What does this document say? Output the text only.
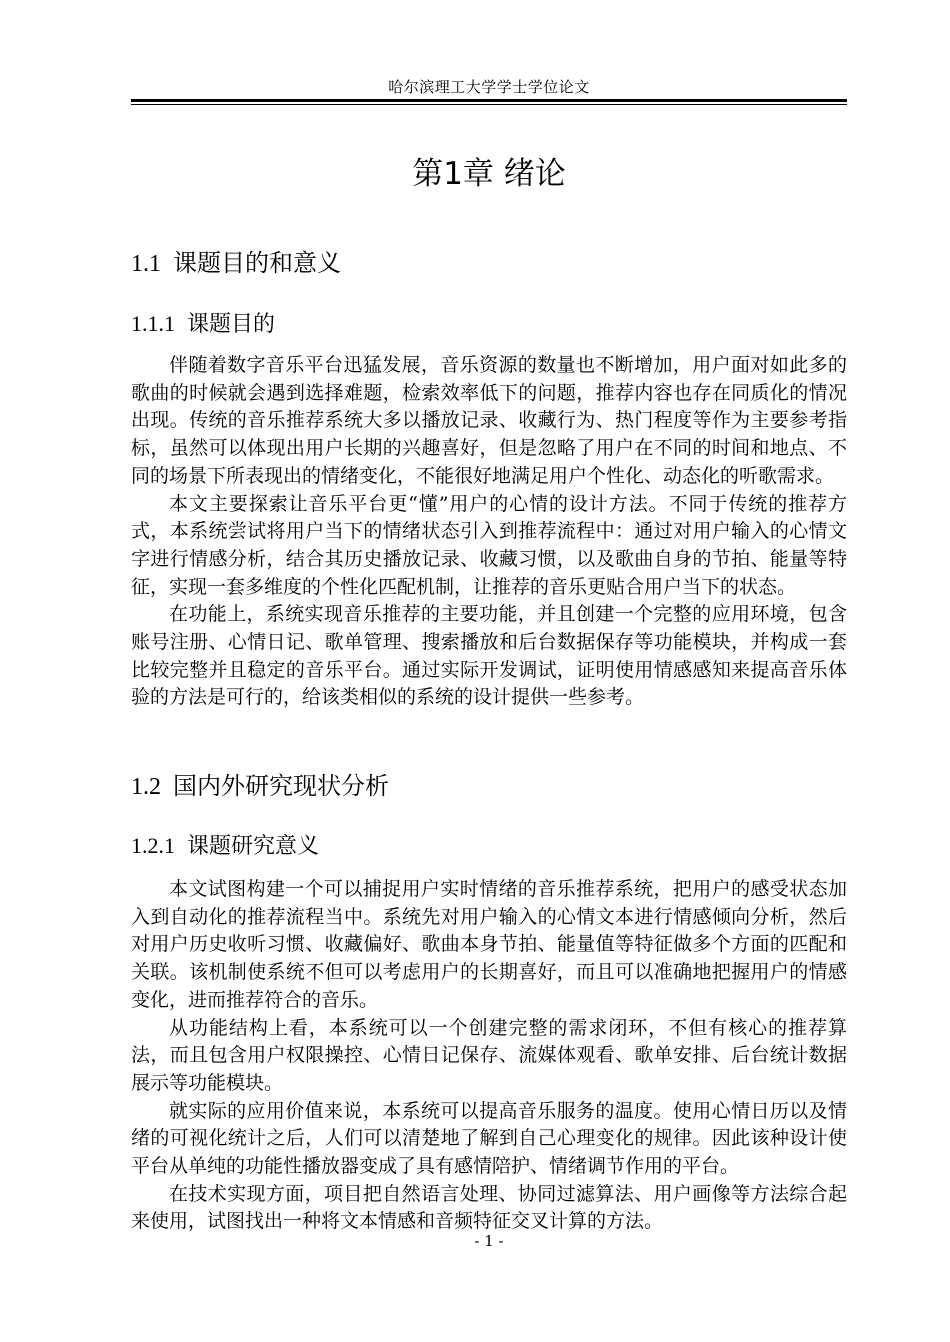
哈尔滨理工大学学士学位论文
第1章 绪论
1.1 课题目的和意义
1.1.1 课题目的

伴随着数字音乐平台迅猛发展，音乐资源的数量也不断增加，用户面对如此多的歌曲的时候就会遇到选择难题，检索效率低下的问题，推荐内容也存在同质化的情况出现。传统的音乐推荐系统大多以播放记录、收藏行为、热门程度等作为主要参考指标，虽然可以体现出用户长期的兴趣喜好，但是忽略了用户在不同的时间和地点、不同的场景下所表现出的情绪变化，不能很好地满足用户个性化、动态化的听歌需求。

本文主要探索让音乐平台更“懂”用户的心情的设计方法。不同于传统的推荐方式，本系统尝试将用户当下的情绪状态引入到推荐流程中：通过对用户输入的心情文字进行情感分析，结合其历史播放记录、收藏习惯，以及歌曲自身的节拍、能量等特征，实现一套多维度的个性化匹配机制，让推荐的音乐更贴合用户当下的状态。

在功能上，系统实现音乐推荐的主要功能，并且创建一个完整的应用环境，包含账号注册、心情日记、歌单管理、搜索播放和后台数据保存等功能模块，并构成一套比较完整并且稳定的音乐平台。通过实际开发调试，证明使用情感感知来提高音乐体验的方法是可行的，给该类相似的系统的设计提供一些参考。

1.2 国内外研究现状分析
1.2.1 课题研究意义

本文试图构建一个可以捕捉用户实时情绪的音乐推荐系统，把用户的感受状态加入到自动化的推荐流程当中。系统先对用户输入的心情文本进行情感倾向分析，然后对用户历史收听习惯、收藏偏好、歌曲本身节拍、能量值等特征做多个方面的匹配和关联。该机制使系统不但可以考虑用户的长期喜好，而且可以准确地把握用户的情感变化，进而推荐符合的音乐。

从功能结构上看，本系统可以一个创建完整的需求闭环，不但有核心的推荐算法，而且包含用户权限操控、心情日记保存、流媒体观看、歌单安排、后台统计数据展示等功能模块。

就实际的应用价值来说，本系统可以提高音乐服务的温度。使用心情日历以及情绪的可视化统计之后，人们可以清楚地了解到自己心理变化的规律。因此该种设计使平台从单纯的功能性播放器变成了具有感情陪护、情绪调节作用的平台。

在技术实现方面，项目把自然语言处理、协同过滤算法、用户画像等方法综合起来使用，试图找出一种将文本情感和音频特征交叉计算的方法。

- 1 -
